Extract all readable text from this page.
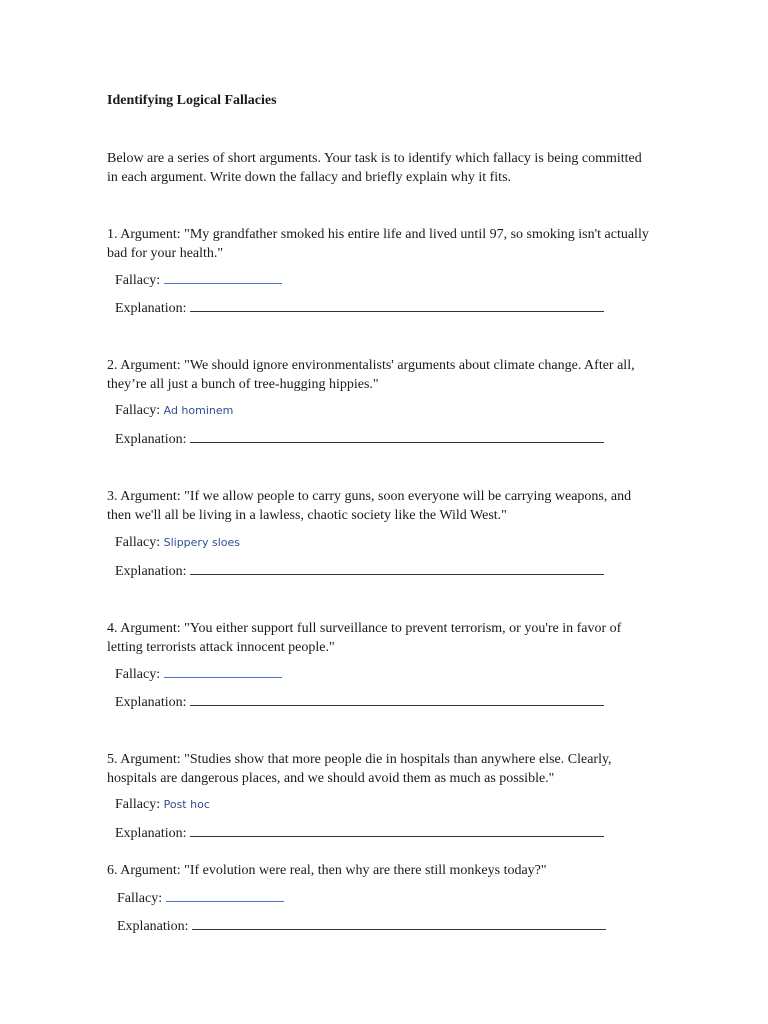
Identifying Logical Fallacies
Below are a series of short arguments. Your task is to identify which fallacy is being committed in each argument. Write down the fallacy and briefly explain why it fits.
1. Argument: "My grandfather smoked his entire life and lived until 97, so smoking isn't actually bad for your health."
Fallacy:
Explanation:
2. Argument: "We should ignore environmentalists' arguments about climate change. After all, they’re all just a bunch of tree-hugging hippies."
Fallacy: Ad hominem
Explanation:
3. Argument: "If we allow people to carry guns, soon everyone will be carrying weapons, and then we'll all be living in a lawless, chaotic society like the Wild West."
Fallacy: Slippery sloes
Explanation:
4. Argument: "You either support full surveillance to prevent terrorism, or you're in favor of letting terrorists attack innocent people."
Fallacy:
Explanation:
5. Argument: "Studies show that more people die in hospitals than anywhere else. Clearly, hospitals are dangerous places, and we should avoid them as much as possible."
Fallacy: Post hoc
Explanation:
6. Argument: "If evolution were real, then why are there still monkeys today?"
Fallacy:
Explanation:
